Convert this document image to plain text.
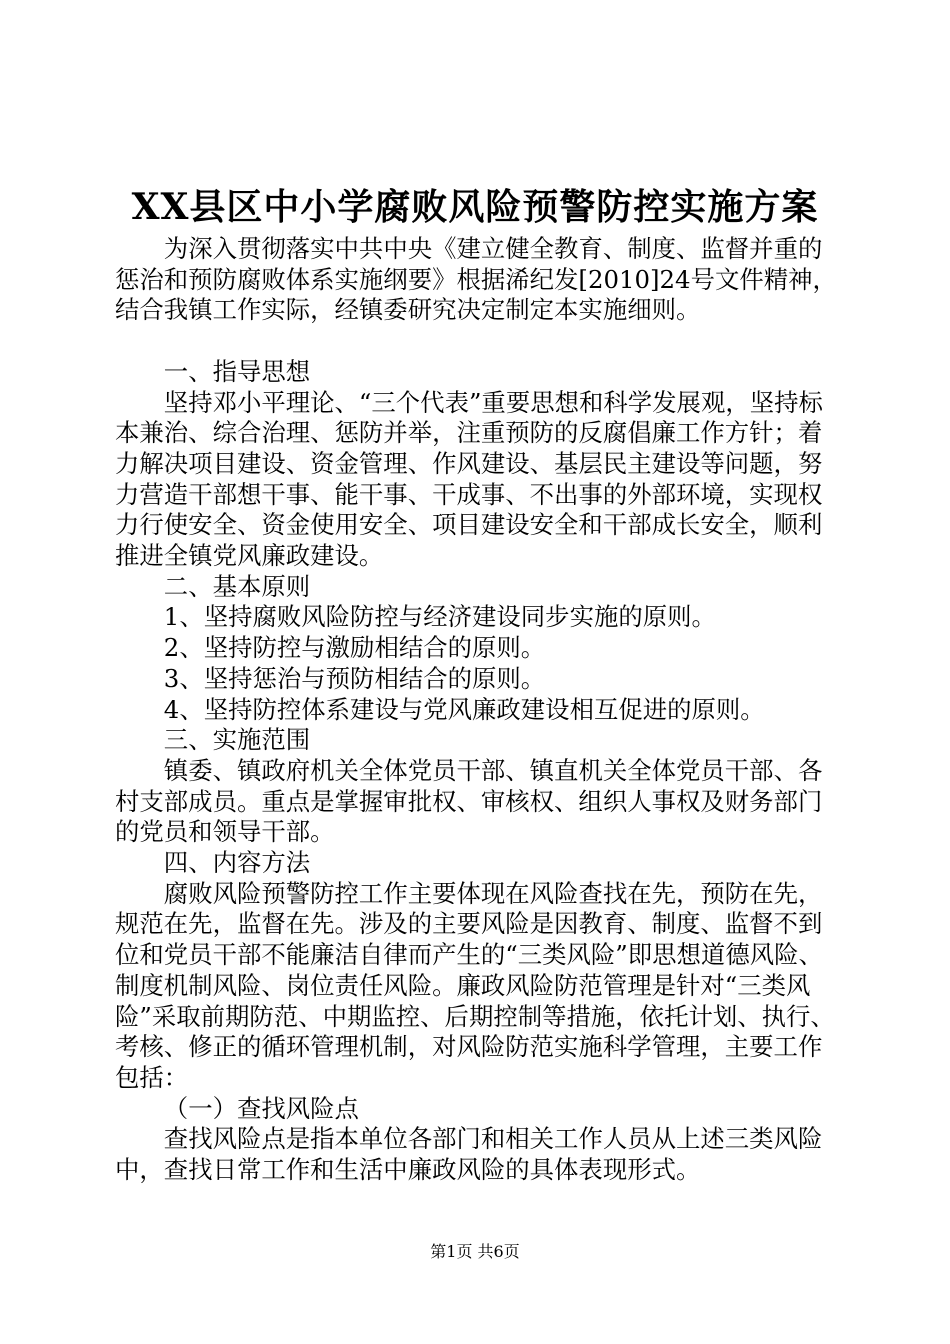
XX县区中小学腐败风险预警防控实施方案

为深入贯彻落实中共中央《建立健全教育、制度、监督并重的惩治和预防腐败体系实施纲要》根据浠纪发[2010]24号文件精神，结合我镇工作实际，经镇委研究决定制定本实施细则。

一、指导思想

坚持邓小平理论、“三个代表”重要思想和科学发展观，坚持标本兼治、综合治理、惩防并举，注重预防的反腐倡廉工作方针；着力解决项目建设、资金管理、作风建设、基层民主建设等问题，努力营造干部想干事、能干事、干成事、不出事的外部环境，实现权力行使安全、资金使用安全、项目建设安全和干部成长安全，顺利推进全镇党风廉政建设。

二、基本原则

1、坚持腐败风险防控与经济建设同步实施的原则。

2、坚持防控与激励相结合的原则。

3、坚持惩治与预防相结合的原则。

4、坚持防控体系建设与党风廉政建设相互促进的原则。

三、实施范围

镇委、镇政府机关全体党员干部、镇直机关全体党员干部、各村支部成员。重点是掌握审批权、审核权、组织人事权及财务部门的党员和领导干部。

四、内容方法

腐败风险预警防控工作主要体现在风险查找在先，预防在先，规范在先，监督在先。涉及的主要风险是因教育、制度、监督不到位和党员干部不能廉洁自律而产生的“三类风险”即思想道德风险、制度机制风险、岗位责任风险。廉政风险防范管理是针对“三类风险”采取前期防范、中期监控、后期控制等措施，依托计划、执行、考核、修正的循环管理机制，对风险防范实施科学管理，主要工作包括：

（一）查找风险点

查找风险点是指本单位各部门和相关工作人员从上述三类风险中，查找日常工作和生活中廉政风险的具体表现形式。

第1页 共6页
